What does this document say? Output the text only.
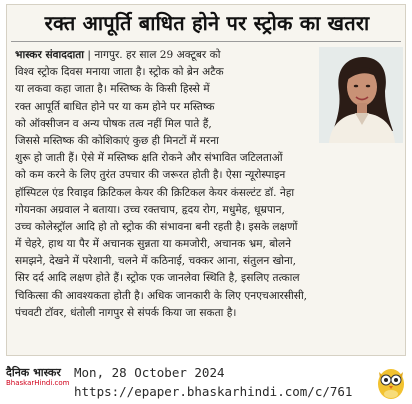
रक्त आपूर्ति बाधित होने पर स्ट्रोक का खतरा
भास्कर संवाददाता | नागपुर. हर साल 29 अक्टूबर को
विश्व स्ट्रोक दिवस मनाया जाता है। स्ट्रोक को ब्रेन अटैक
या लकवा कहा जाता है। मस्तिष्क के किसी हिस्से में
रक्त आपूर्ति बाधित होने पर या कम होने पर मस्तिष्क
को ऑक्सीजन व अन्य पोषक तत्व नहीं मिल पाते हैं,
जिससे मस्तिष्क की कोशिकाएं कुछ ही मिनटों में मरना
शुरू हो जाती हैं। ऐसे में मस्तिष्क क्षति रोकने और संभावित जटिलताओं
को कम करने के लिए तुरंत उपचार की जरूरत होती है। ऐसा न्यूरोस्पाइन
हॉस्पिटल एंड रिवाइव क्रिटिकल केयर की क्रिटिकल केयर कंसल्टंट डॉ. नेहा
गोयनका अग्रवाल ने बताया। उच्च रक्तचाप, हृदय रोग, मधुमेह, धूम्रपान,
उच्च कोलेस्ट्रॉल आदि हो तो स्ट्रोक की संभावना बनी रहती है। इसके लक्षणों
में चेहरे, हाथ या पैर में अचानक सुन्नता या कमजोरी, अचानक भ्रम, बोलने
समझने, देखने में परेशानी, चलने में कठिनाई, चक्कर आना, संतुलन खोना,
सिर दर्द आदि लक्षण होते हैं। स्ट्रोक एक जानलेवा स्थिति है, इसलिए तत्काल
चिकित्सा की आवश्यकता होती है। अधिक जानकारी के लिए एनएचआरसीसी,
पंचवटी टॉवर, धंतोली नागपुर से संपर्क किया जा सकता है।
दैनिक भास्कर
BhaskarHindi.com
Mon, 28 October 2024
https://epaper.bhaskarhindi.com/c/761
